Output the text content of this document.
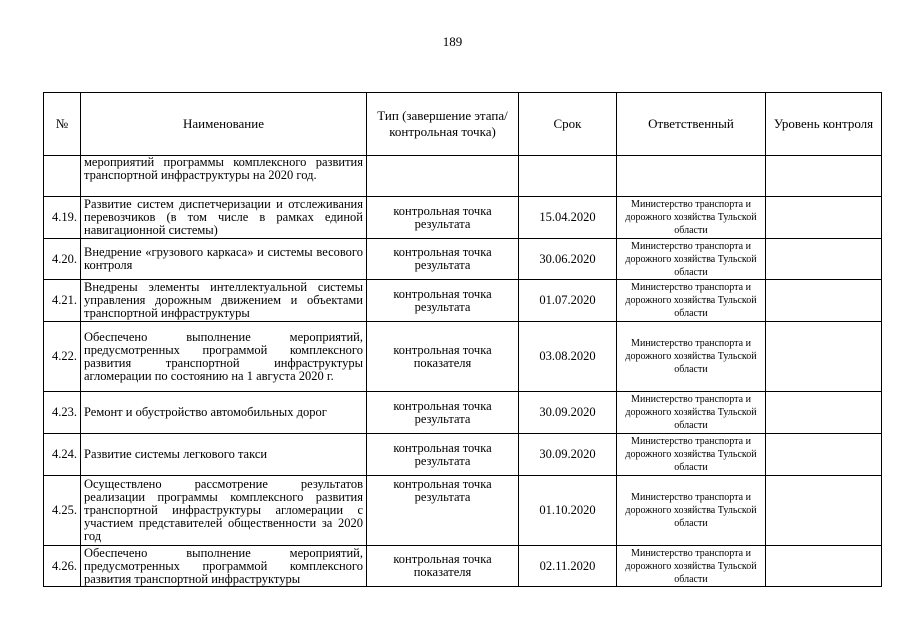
189
№	Наименование	Тип (завершение этапа/контрольная точка)	Срок	Ответственный	Уровень контроля
	мероприятий программы комплексного развития транспортной инфраструктуры на 2020 год.				
4.19.	Развитие систем диспетчеризации и отслеживания перевозчиков (в том числе в рамках единой навигационной системы)	контрольная точка результата	15.04.2020	Министерство транспорта и дорожного хозяйства Тульской области	
4.20.	Внедрение «грузового каркаса» и системы весового контроля	контрольная точка результата	30.06.2020	Министерство транспорта и дорожного хозяйства Тульской области	
4.21.	Внедрены элементы интеллектуальной системы управления дорожным движением и объектами транспортной инфраструктуры	контрольная точка результата	01.07.2020	Министерство транспорта и дорожного хозяйства Тульской области	
4.22.	Обеспечено выполнение мероприятий, предусмотренных программой комплексного развития транспортной инфраструктуры агломерации по состоянию на 1 августа 2020 г.	контрольная точка показателя	03.08.2020	Министерство транспорта и дорожного хозяйства Тульской области	
4.23.	Ремонт и обустройство автомобильных дорог	контрольная точка результата	30.09.2020	Министерство транспорта и дорожного хозяйства Тульской области	
4.24.	Развитие системы легкового такси	контрольная точка результата	30.09.2020	Министерство транспорта и дорожного хозяйства Тульской области	
4.25.	Осуществлено рассмотрение результатов реализации программы комплексного развития транспортной инфраструктуры агломерации с участием представителей общественности за 2020 год	контрольная точка результата	01.10.2020	Министерство транспорта и дорожного хозяйства Тульской области	
4.26.	Обеспечено выполнение мероприятий, предусмотренных программой комплексного развития транспортной инфраструктуры	контрольная точка показателя	02.11.2020	Министерство транспорта и дорожного хозяйства Тульской области	
